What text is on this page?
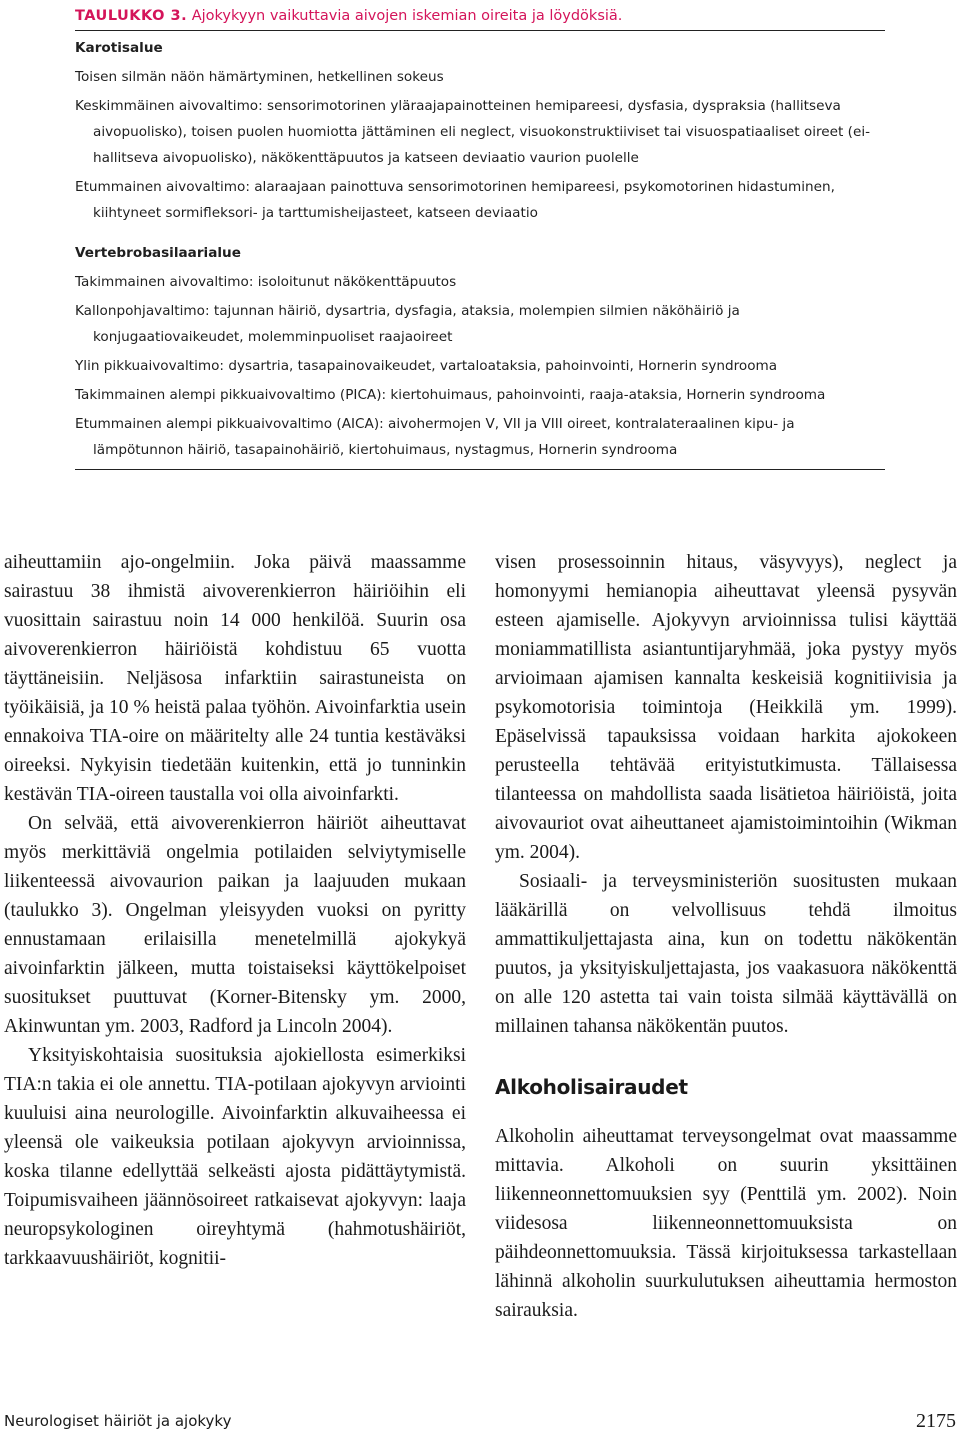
TAULUKKO 3. Ajokykyyn vaikuttavia aivojen iskemian oireita ja löydöksiä.
Karotisalue
Toisen silmän näön hämärtyminen, hetkellinen sokeus
Keskimmäinen aivovaltimo: sensorimotorinen yläraajapainotteinen hemipareesi, dysfasia, dyspraksia (hallitseva aivopuolisko), toisen puolen huomiotta jättäminen eli neglect, visuokonstruktiiviset tai visuospatiaaliset oireet (ei-hallitseva aivopuolisko), näkökenttäpuutos ja katseen deviaatio vaurion puolelle
Etummainen aivovaltimo: alaraajaan painottuva sensorimotorinen hemipareesi, psykomotorinen hidastuminen, kiihtyneet sormifleksori- ja tarttumisheijasteet, katseen deviaatio
Vertebrobasilaarialue
Takimmainen aivovaltimo: isoloitunut näkökenttäpuutos
Kallonpohjavaltimo: tajunnan häiriö, dysartria, dysfagia, ataksia, molempien silmien näköhäiriö ja konjugaatiovaikeudet, molemminpuoliset raajaoireet
Ylin pikkuaivovaltimo: dysartria, tasapainovaikeudet, vartaloataksia, pahoinvointi, Hornerin syndrooma
Takimmainen alempi pikkuaivovaltimo (PICA): kiertohuimaus, pahoinvointi, raaja-ataksia, Hornerin syndrooma
Etummainen alempi pikkuaivovaltimo (AICA): aivohermojen V, VII ja VIII oireet, kontralateraalinen kipu- ja lämpötunnon häiriö, tasapainohäiriö, kiertohuimaus, nystagmus, Hornerin syndrooma

aiheuttamiin ajo-ongelmiin. Joka päivä maassamme sairastuu 38 ihmistä aivoverenkierron häiriöihin eli vuosittain sairastuu noin 14 000 henkilöä. Suurin osa aivoverenkierron häiriöistä kohdistuu 65 vuotta täyttäneisiin. Neljäsosa infarktiin sairastuneista on työikäisiä, ja 10 % heistä palaa työhön. Aivoinfarktia usein ennakoiva TIA-oire on määritelty alle 24 tuntia kestäväksi oireeksi. Nykyisin tiedetään kuitenkin, että jo tunninkin kestävän TIA-oireen taustalla voi olla aivoinfarkti.

On selvää, että aivoverenkierron häiriöt aiheuttavat myös merkittäviä ongelmia potilaiden selviytymiselle liikenteessä aivovaurion paikan ja laajuuden mukaan (taulukko 3). Ongelman yleisyyden vuoksi on pyritty ennustamaan erilaisilla menetelmillä ajokykyä aivoinfarktin jälkeen, mutta toistaiseksi käyttökelpoiset suositukset puuttuvat (Korner-Bitensky ym. 2000, Akinwuntan ym. 2003, Radford ja Lincoln 2004).

Yksityiskohtaisia suosituksia ajokiellosta esimerkiksi TIA:n takia ei ole annettu. TIA-potilaan ajokyvyn arviointi kuuluisi aina neurologille. Aivoinfarktin alkuvaiheessa ei yleensä ole vaikeuksia potilaan ajokyvyn arvioinnissa, koska tilanne edellyttää selkeästi ajosta pidättäytymistä. Toipumisvaiheen jäännösoireet ratkaisevat ajokyvyn: laaja neuropsykologinen oireyhtymä (hahmotushäiriöt, tarkkaavuushäiriöt, kognitii-

visen prosessoinnin hitaus, väsyvyys), neglect ja homonyymi hemianopia aiheuttavat yleensä pysyvän esteen ajamiselle. Ajokyvyn arvioinnissa tulisi käyttää moniammatillista asiantuntijaryhmää, joka pystyy myös arvioimaan ajamisen kannalta keskeisiä kognitiivisia ja psykomotorisia toimintoja (Heikkilä ym. 1999). Epäselvissä tapauksissa voidaan harkita ajokokeen perusteella tehtävää erityistutkimusta. Tällaisessa tilanteessa on mahdollista saada lisätietoa häiriöistä, joita aivovauriot ovat aiheuttaneet ajamistoimintoihin (Wikman ym. 2004).

Sosiaali- ja terveysministeriön suositusten mukaan lääkärillä on velvollisuus tehdä ilmoitus ammattikuljettajasta aina, kun on todettu näkökentän puutos, ja yksityiskuljettajasta, jos vaakasuora näkökenttä on alle 120 astetta tai vain toista silmää käyttävällä on millainen tahansa näkökentän puutos.

Alkoholisairaudet

Alkoholin aiheuttamat terveysongelmat ovat maassamme mittavia. Alkoholi on suurin yksittäinen liikenneonnettomuuksien syy (Penttilä ym. 2002). Noin viidesosa liikenneonnettomuuksista on päihdeonnettomuuksia. Tässä kirjoituksessa tarkastellaan lähinnä alkoholin suurkulutuksen aiheuttamia hermoston sairauksia.

Neurologiset häiriöt ja ajokyky	2175
